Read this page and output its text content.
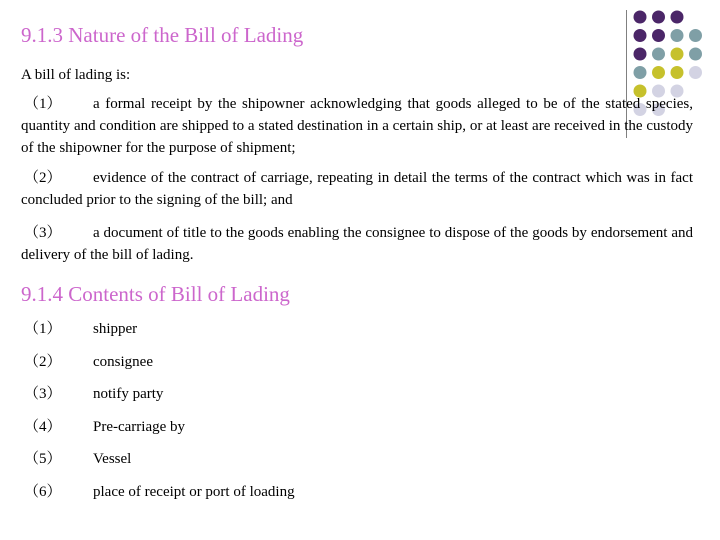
9.1.3 Nature of the Bill of Lading

A bill of lading is:

（1） a formal receipt by the shipowner acknowledging that goods alleged to be of the stated species, quantity and condition are shipped to a stated destination in a certain ship, or at least are received in the custody of the shipowner for the purpose of shipment;

（2） evidence of the contract of carriage, repeating in detail the terms of the contract which was in fact concluded prior to the signing of the bill; and

（3） a document of title to the goods enabling the consignee to dispose of the goods by endorsement and delivery of the bill of lading.

9.1.4 Contents of Bill of Lading
（1） shipper
（2） consignee
（3） notify party
（4） Pre-carriage by
（5） Vessel
（6） place of receipt or port of loading
